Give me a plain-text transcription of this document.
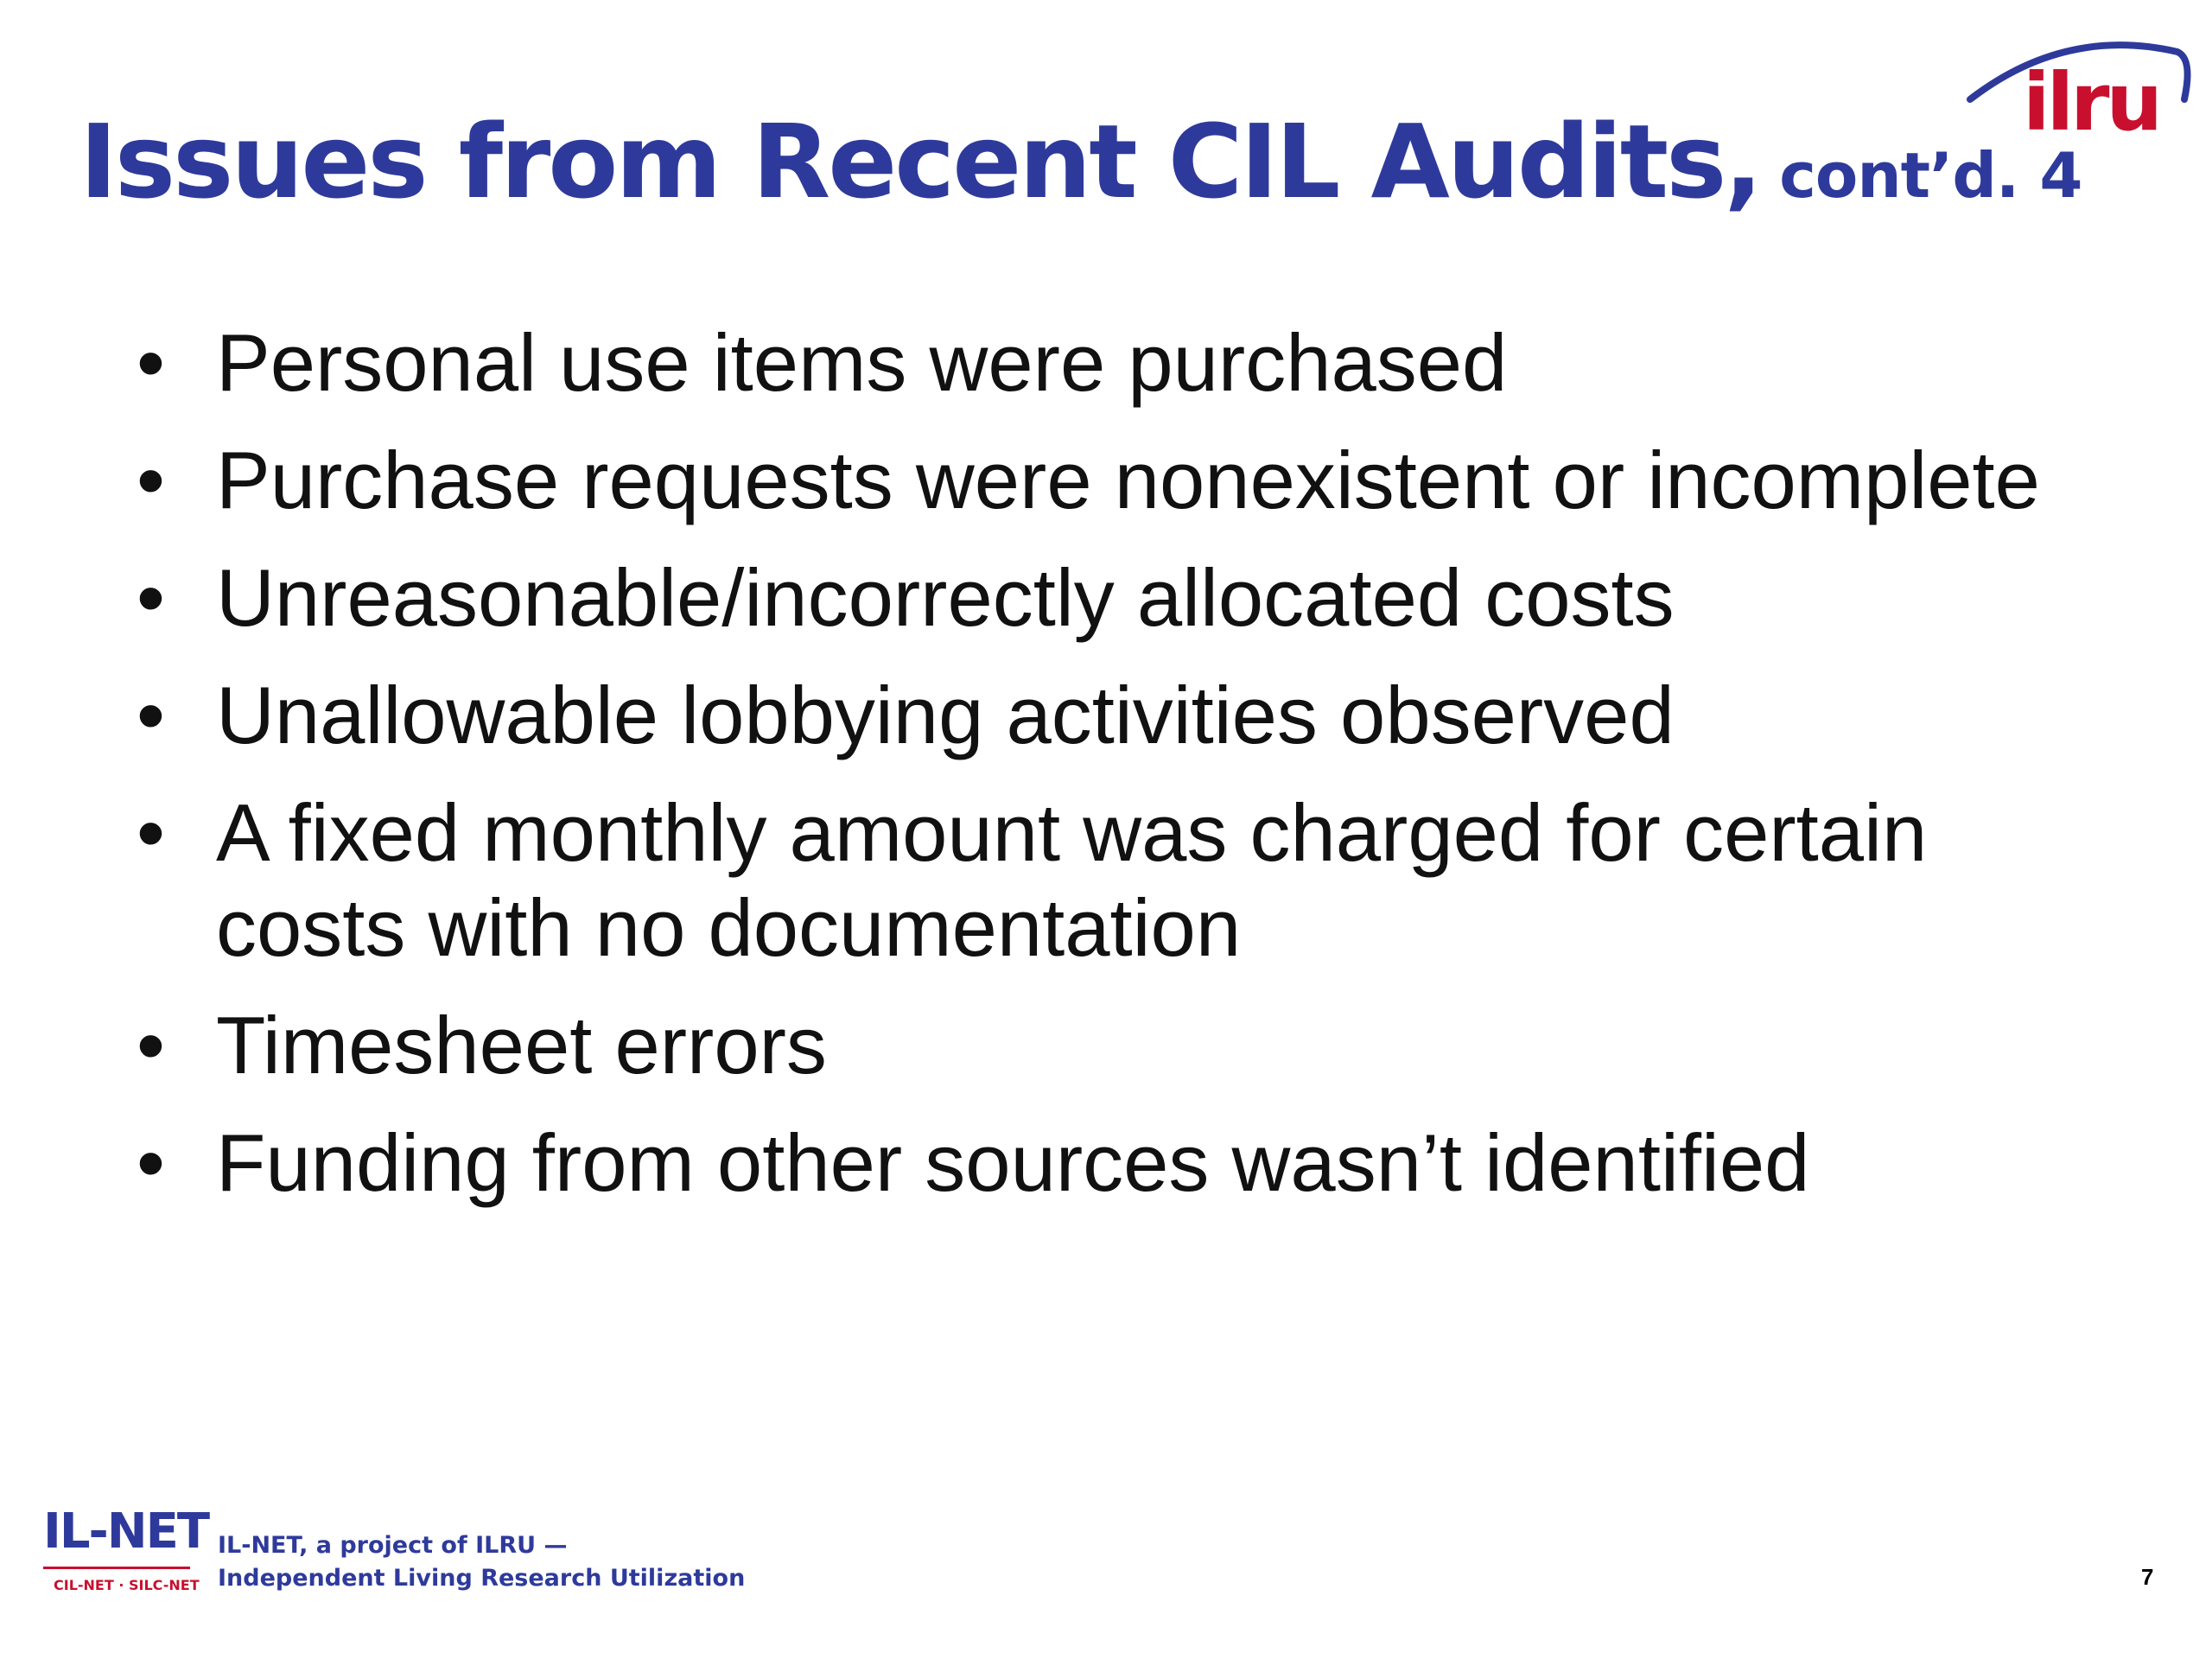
Issues from Recent CIL Audits, cont’d. 4
ilru
• Personal use items were purchased
• Purchase requests were nonexistent or incomplete
• Unreasonable/incorrectly allocated costs
• Unallowable lobbying activities observed
• A fixed monthly amount was charged for certain costs with no documentation
• Timesheet errors
• Funding from other sources wasn’t identified
IL-NET
CIL-NET · SILC-NET
IL-NET, a project of ILRU —
Independent Living Research Utilization	7
